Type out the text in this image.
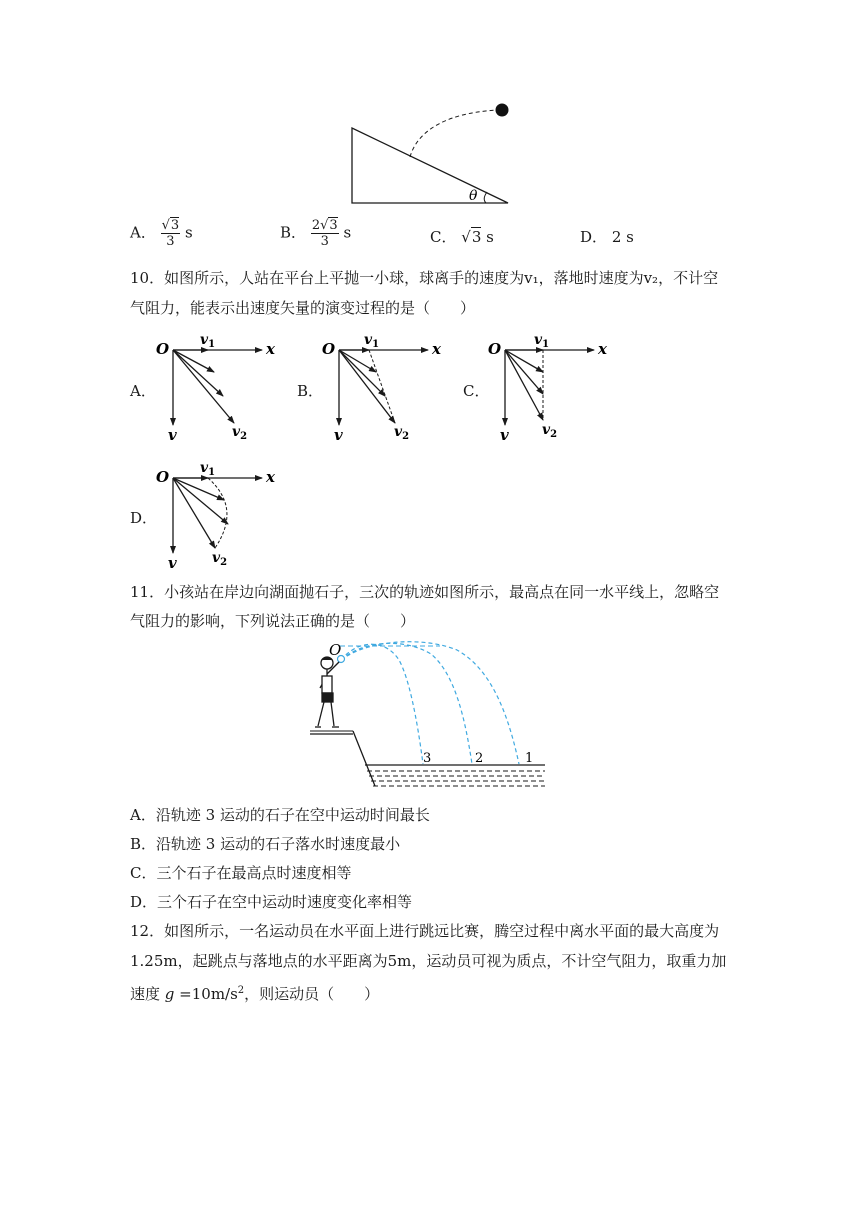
θ
A． $\frac{√3}{3}$ s	B． $\frac{2√3}{3}$ s	C． √3 s	D． 2 s
10．如图所示，人站在平台上平抛一小球，球离手的速度为v₁，落地时速度为v₂，不计空
气阻力，能表示出速度矢量的演变过程的是（　　）
A．	B．	C．
D．
O $v_1$	x
v	$v_2$
O $v_1$	x
v	$v_2$
O $v_1$	x
v $v_2$
O $v_1$	x
v	$v_2$
11．小孩站在岸边向湖面抛石子，三次的轨迹如图所示，最高点在同一水平线上，忽略空
气阻力的影响，下列说法正确的是（　　）
O
3	2	1
A．沿轨迹 3 运动的石子在空中运动时间最长
B．沿轨迹 3 运动的石子落水时速度最小
C．三个石子在最高点时速度相等
D．三个石子在空中运动时速度变化率相等
12．如图所示，一名运动员在水平面上进行跳远比赛，腾空过程中离水平面的最大高度为
1.25m，起跳点与落地点的水平距离为5m，运动员可视为质点，不计空气阻力，取重力加
速度 $g =10m/s^2$，则运动员（　　）
